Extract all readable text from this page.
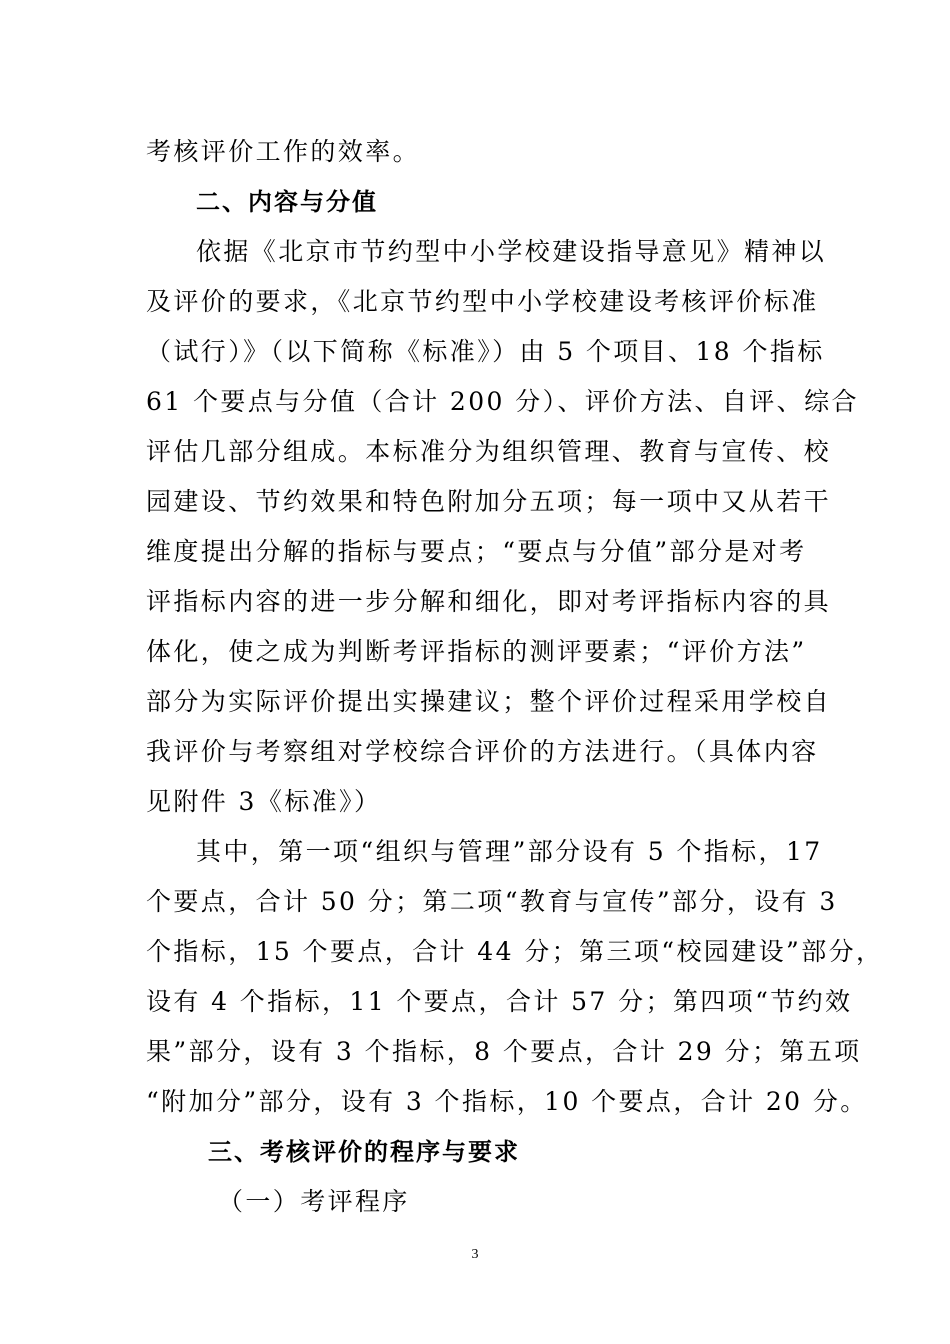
考核评价工作的效率。
二、内容与分值
依据《北京市节约型中小学校建设指导意见》精神以
及评价的要求，《北京节约型中小学校建设考核评价标准
（试行）》（以下简称《标准》）由 5 个项目、18 个指标
61 个要点与分值（合计 200 分）、评价方法、自评、综合
评估几部分组成。本标准分为组织管理、教育与宣传、校
园建设、节约效果和特色附加分五项；每一项中又从若干
维度提出分解的指标与要点；“要点与分值”部分是对考
评指标内容的进一步分解和细化，即对考评指标内容的具
体化，使之成为判断考评指标的测评要素；“评价方法”
部分为实际评价提出实操建议；整个评价过程采用学校自
我评价与考察组对学校综合评价的方法进行。（具体内容
见附件 3《标准》）
其中，第一项“组织与管理”部分设有 5 个指标，17
个要点，合计 50 分；第二项“教育与宣传”部分，设有 3
个指标，15 个要点，合计 44 分；第三项“校园建设”部分，
设有 4 个指标，11 个要点，合计 57 分；第四项“节约效
果”部分，设有 3 个指标，8 个要点，合计 29 分；第五项
“附加分”部分，设有 3 个指标，10 个要点，合计 20 分。
三、考核评价的程序与要求
（一）考评程序
3
